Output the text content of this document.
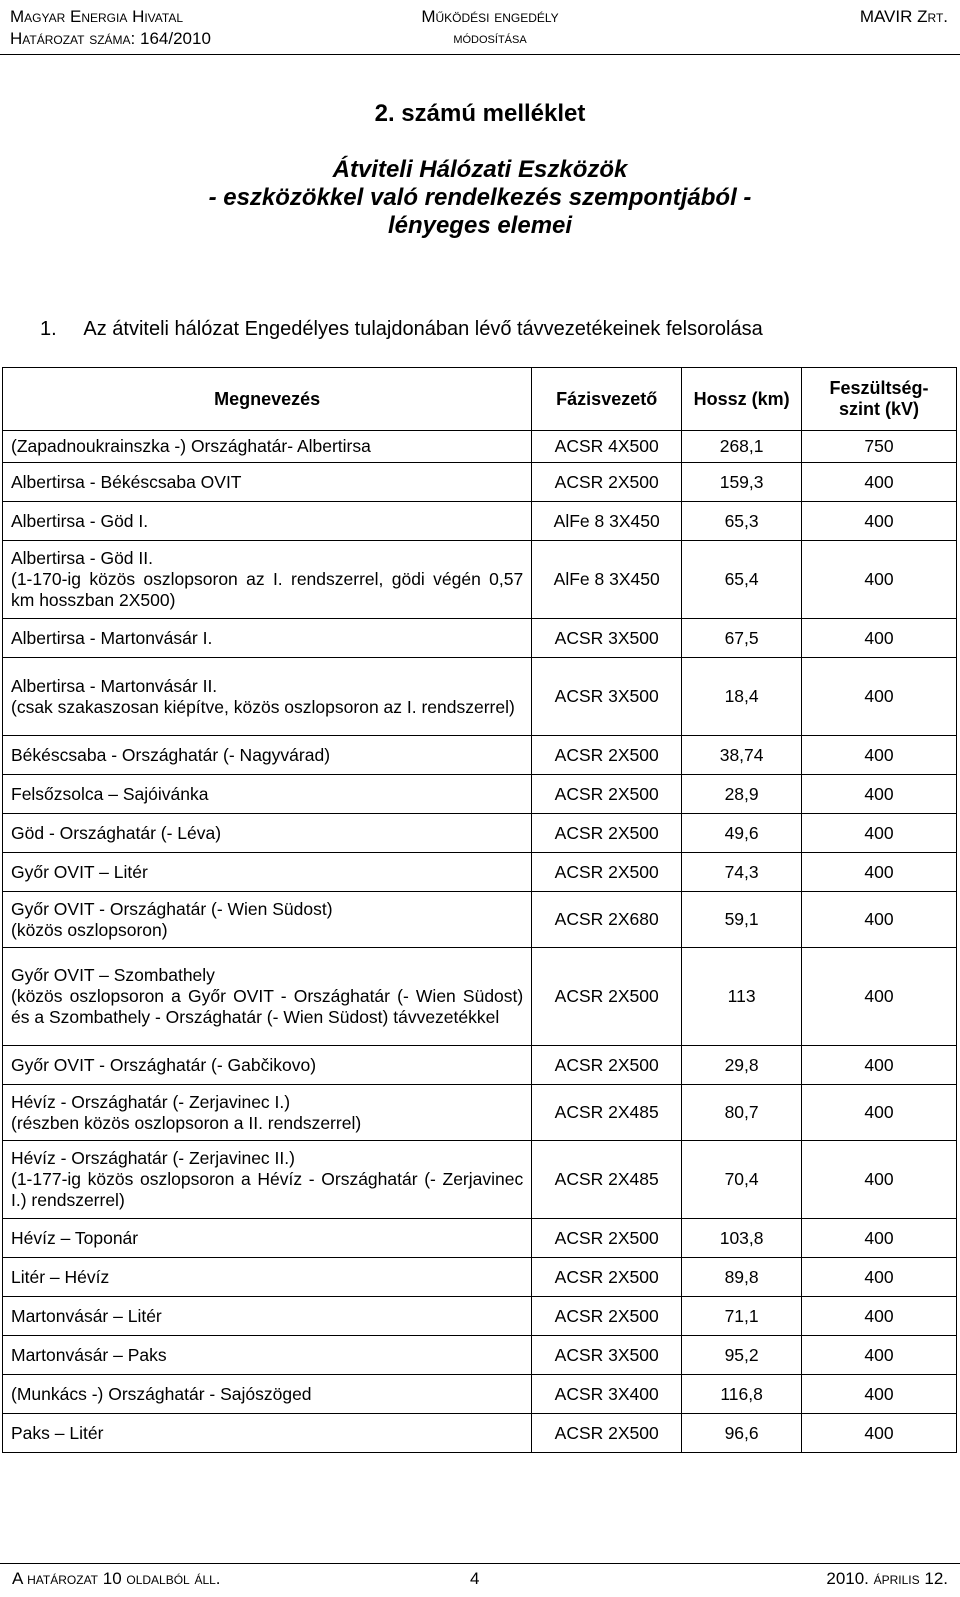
Magyar Energia Hivatal
Határozat száma: 164/2010
Működési engedély
módosítása
MAVIR Zrt.

2. számú melléklet

Átviteli Hálózati Eszközök

- eszközökkel való rendelkezés szempontjából -

lényeges elemei

1. Az átviteli hálózat Engedélyes tulajdonában lévő távvezetékeinek felsorolása
Megnevezés	Fázisvezető	Hossz (km)	Feszültség-szint (kV)
(Zapadnoukrainszka -) Országhatár- Albertirsa	ACSR 4X500	268,1	750
Albertirsa - Békéscsaba OVIT	ACSR 2X500	159,3	400
Albertirsa - Göd I.	AlFe 8 3X450	65,3	400

Albertirsa - Göd II.
(1-170-ig közös oszlopsoron az I. rendszerrel, gödi végén 0,57 km hosszban 2X500)	AlFe 8 3X450	65,4	400
Albertirsa - Martonvásár I.	ACSR 3X500	67,5	400

Albertirsa - Martonvásár II.
(csak szakaszosan kiépítve, közös oszlopsoron az I. rendszerrel)	ACSR 3X500	18,4	400
Békéscsaba - Országhatár (- Nagyvárad)	ACSR 2X500	38,74	400
Felsőzsolca – Sajóivánka	ACSR 2X500	28,9	400
Göd - Országhatár (- Léva)	ACSR 2X500	49,6	400
Győr OVIT – Litér	ACSR 2X500	74,3	400

Győr OVIT - Országhatár (- Wien Südost)
(közös oszlopsoron)	ACSR 2X680	59,1	400

Győr OVIT – Szombathely
(közös oszlopsoron a Győr OVIT - Országhatár (- Wien Südost) és a Szombathely - Országhatár (- Wien Südost) távvezetékkel	ACSR 2X500	113	400
Győr OVIT - Országhatár (- Gabčikovo)	ACSR 2X500	29,8	400

Hévíz - Országhatár (- Zerjavinec I.)
(részben közös oszlopsoron a II. rendszerrel)	ACSR 2X485	80,7	400

Hévíz - Országhatár (- Zerjavinec II.)
(1-177-ig közös oszlopsoron a Hévíz - Országhatár (- Zerjavinec I.) rendszerrel)	ACSR 2X485	70,4	400
Hévíz – Toponár	ACSR 2X500	103,8	400
Litér – Hévíz	ACSR 2X500	89,8	400
Martonvásár – Litér	ACSR 2X500	71,1	400
Martonvásár – Paks	ACSR 3X500	95,2	400
(Munkács -) Országhatár - Sajószöged	ACSR 3X400	116,8	400
Paks – Litér	ACSR 2X500	96,6	400
A határozat 10 oldalból áll.	4	2010. április 12.
